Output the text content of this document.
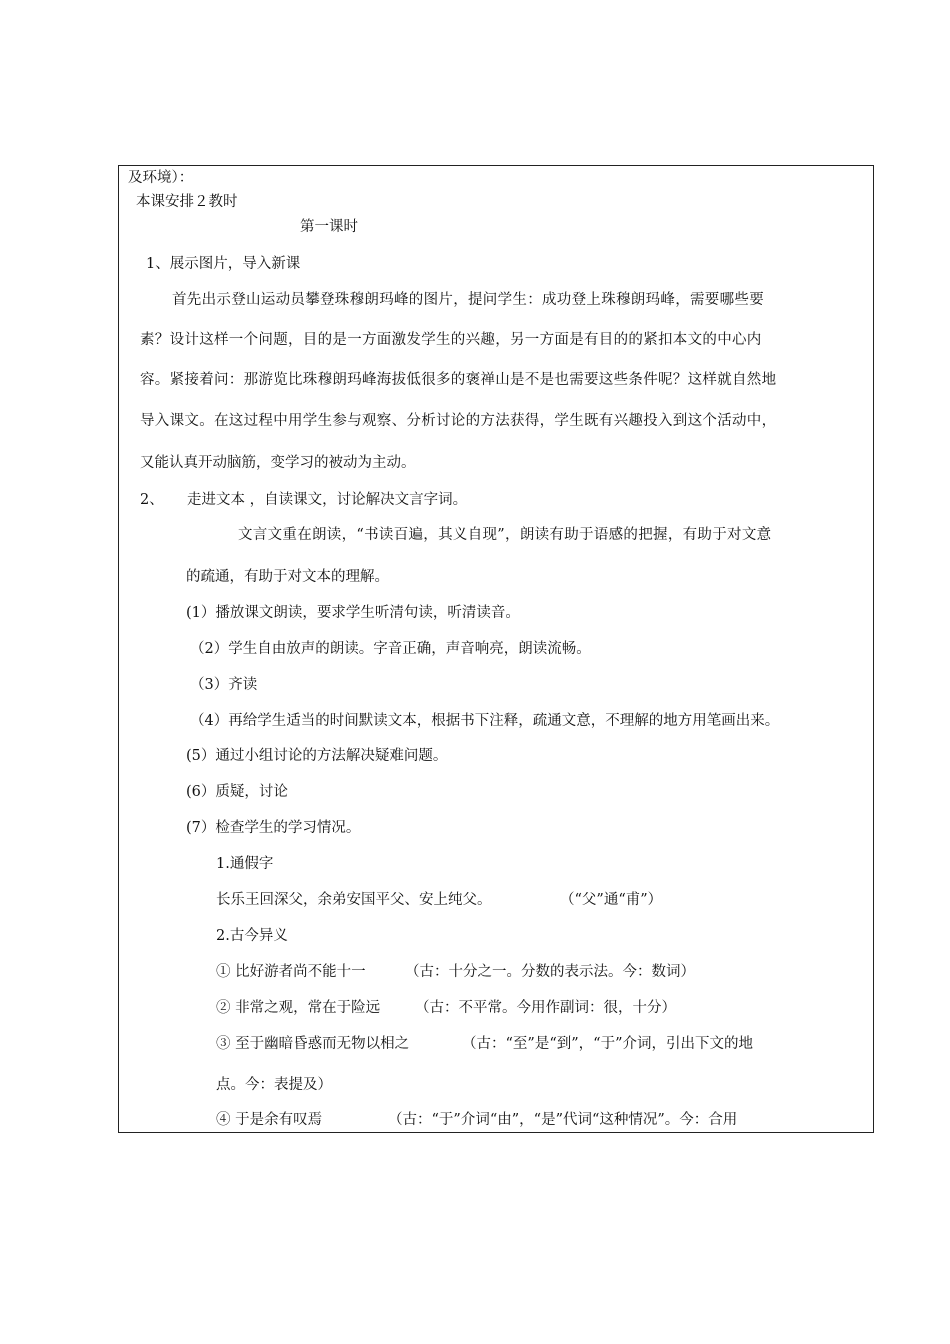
及环境）：
本课安排２教时
第一课时
1、展示图片，导入新课
首先出示登山运动员攀登珠穆朗玛峰的图片，提问学生：成功登上珠穆朗玛峰，需要哪些要
素？设计这样一个问题，目的是一方面激发学生的兴趣，另一方面是有目的的紧扣本文的中心内
容。紧接着问：那游览比珠穆朗玛峰海拔低很多的褒禅山是不是也需要这些条件呢？这样就自然地
导入课文。在这过程中用学生参与观察、分析讨论的方法获得，学生既有兴趣投入到这个活动中，
又能认真开动脑筋，变学习的被动为主动。
2、 走进文本 ，自读课文，讨论解决文言字词。
文言文重在朗读，“书读百遍，其义自现”，朗读有助于语感的把握，有助于对文意
的疏通，有助于对文本的理解。
(1）播放课文朗读，要求学生听清句读，听清读音。
（2）学生自由放声的朗读。字音正确，声音响亮，朗读流畅。
（3）齐读
（4）再给学生适当的时间默读文本，根据书下注释，疏通文意，不理解的地方用笔画出来。
(5）通过小组讨论的方法解决疑难问题。
(6）质疑，讨论
(7）检查学生的学习情况。
1.通假字
长乐王回深父，余弟安国平父、安上纯父。	（“父”通“甫”）
2.古今异义
① 比好游者尚不能十一	（古：十分之一。分数的表示法。今：数词）
② 非常之观，常在于险远 （古：不平常。今用作副词：很，十分）
③ 至于幽暗昏惑而无物以相之	（古：“至”是“到”，“于”介词，引出下文的地
点。今：表提及）
④ 于是余有叹焉	（古：“于”介词“由”，“是”代词“这种情况”。今：合用
